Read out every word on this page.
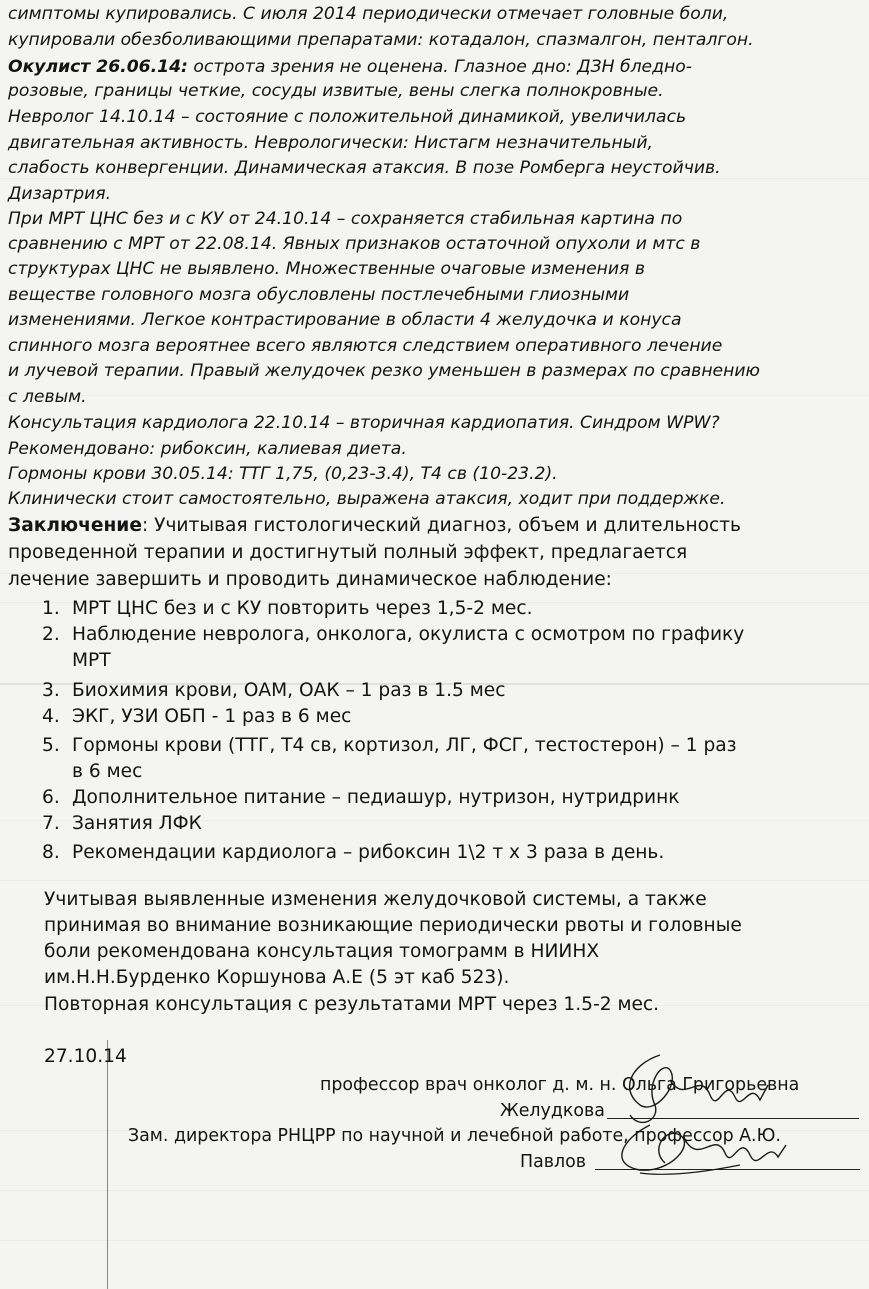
симптомы купировались. С июля 2014 периодически отмечает головные боли,

купировали обезболивающими препаратами: котадалон, спазмалгон, пенталгон.

Окулист 26.06.14: острота зрения не оценена. Глазное дно: ДЗН бледно-

розовые, границы четкие, сосуды извитые, вены слегка полнокровные.

Невролог 14.10.14 – состояние с положительной динамикой, увеличилась

двигательная активность. Неврологически: Нистагм незначительный,

слабость конвергенции. Динамическая атаксия. В позе Ромберга неустойчив.

Дизартрия.

При МРТ ЦНС без и с КУ от 24.10.14 – сохраняется стабильная картина по

сравнению с МРТ от 22.08.14. Явных признаков остаточной опухоли и мтс в

структурах ЦНС не выявлено. Множественные очаговые изменения в

веществе головного мозга обусловлены постлечебными глиозными

изменениями. Легкое контрастирование в области 4 желудочка и конуса

спинного мозга вероятнее всего являются следствием оперативного лечение

и лучевой терапии. Правый желудочек резко уменьшен в размерах по сравнению

с левым.

Консультация кардиолога 22.10.14 – вторичная кардиопатия. Синдром WPW?

Рекомендовано: рибоксин, калиевая диета.

Гормоны крови 30.05.14: ТТГ 1,75, (0,23-3.4), Т4 св (10-23.2).

Клинически стоит самостоятельно, выражена атаксия, ходит при поддержке.

Заключение: Учитывая гистологический диагноз, объем и длительность

проведенной терапии и достигнутый полный эффект, предлагается

лечение завершить и проводить динамическое наблюдение:

1. МРТ ЦНС без и с КУ повторить через 1,5-2 мес.
2. Наблюдение невролога, онколога, окулиста с осмотром по графику
МРТ
3. Биохимия крови, ОАМ, ОАК – 1 раз в 1.5 мес
4. ЭКГ, УЗИ ОБП - 1 раз в 6 мес
5. Гормоны крови (ТТГ, Т4 св, кортизол, ЛГ, ФСГ, тестостерон) – 1 раз
в 6 мес
6. Дополнительное питание – педиашур, нутризон, нутридринк
7. Занятия ЛФК
8. Рекомендации кардиолога – рибоксин 1\2 т х 3 раза в день.
Учитывая выявленные изменения желудочковой системы, а также
принимая во внимание возникающие периодически рвоты и головные
боли рекомендована консультация томограмм в НИИНХ
им.Н.Н.Бурденко Коршунова А.Е (5 эт каб 523).
Повторная консультация с результатами МРТ через 1.5-2 мес.
27.10.14
профессор врач онколог д. м. н. Ольга Григорьевна
Желудкова
Зам. директора РНЦРР по научной и лечебной работе, профессор А.Ю.
Павлов
